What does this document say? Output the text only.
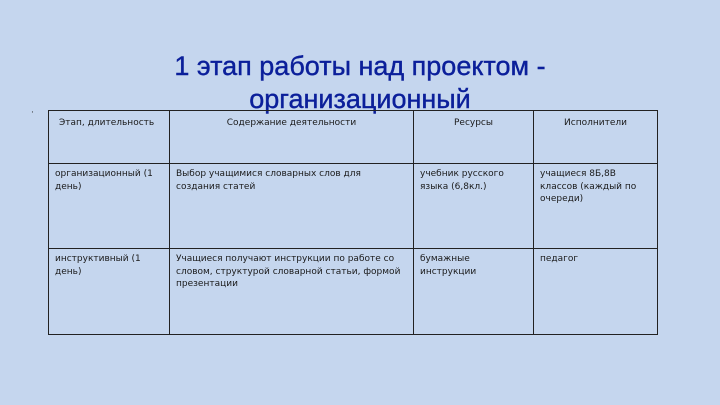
1 этап работы над проектом -
организационный
·
Этап, длительность	Содержание деятельности	Ресурсы	Исполнители
организационный (1 день)	Выбор учащимися словарных слов для создания статей	учебник русского языка (6,8кл.)	учащиеся 8Б,8В классов (каждый по очереди)
инструктивный (1 день)	Учащиеся получают инструкции по работе со словом, структурой словарной статьи, формой презентации	бумажные инструкции	педагог
